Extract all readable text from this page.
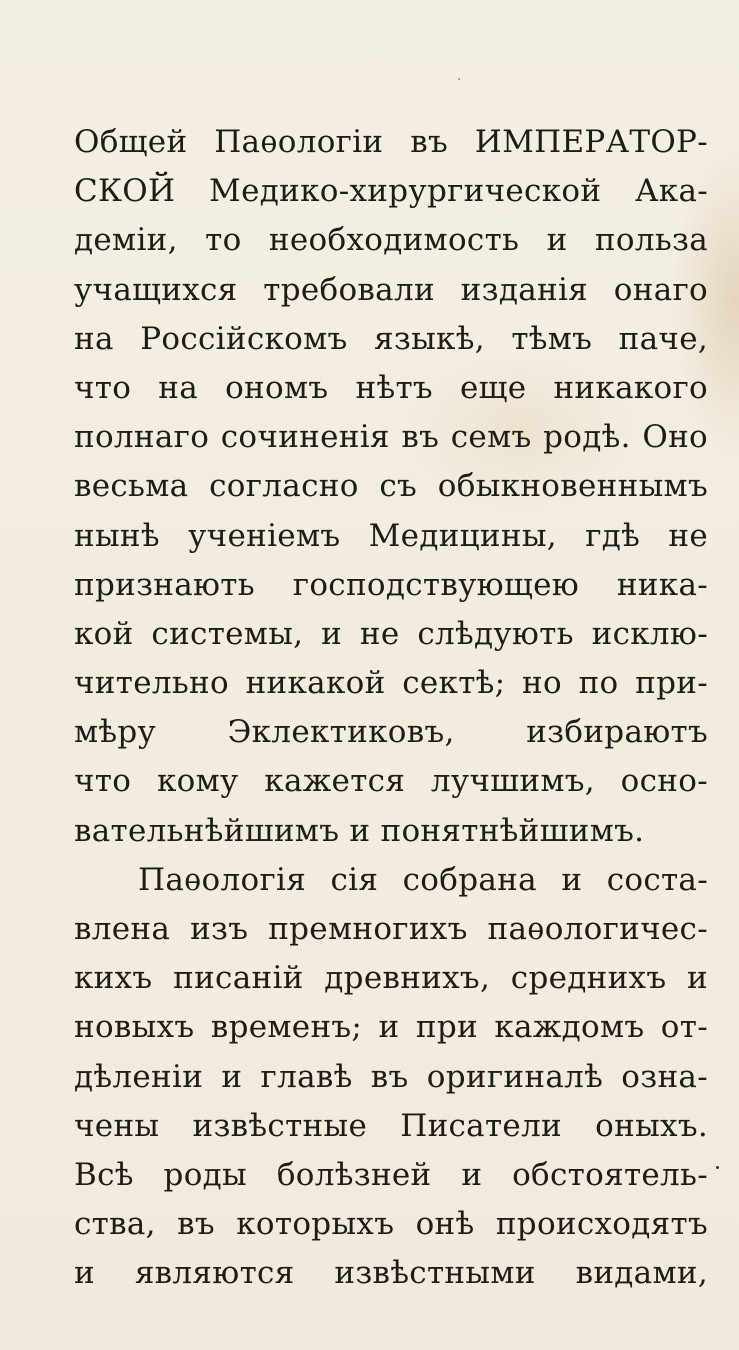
Общей Паѳологіи въ ИМПЕРАТОР-
СКОЙ Медико-хирургической Ака-
деміи, то необходимость и польза
учащихся требовали изданія онаго
на Россійскомъ языкѣ, тѣмъ паче,
что на ономъ нѣтъ еще никакого
полнаго сочиненія въ семъ родѣ. Оно
весьма согласно съ обыкновеннымъ
нынѣ ученіемъ Медицины, гдѣ не
признають господствующею ника-
кой системы, и не слѣдують исклю-
чительно никакой сектѣ; но по при-
мѣру Эклектиковъ, избираютъ
что кому кажется лучшимъ, осно-
вательнѣйшимъ и понятнѣйшимъ.
Паѳологія сія собрана и соста-
влена изъ премногихъ паѳологичес-
кихъ писаній древнихъ, среднихъ и
новыхъ временъ; и при каждомъ от-
дѣленіи и главѣ въ оригиналѣ озна-
чены извѣстные Писатели оныхъ.
Всѣ роды болѣзней и обстоятель-
ства, въ которыхъ онѣ происходятъ
и являются извѣстными видами,
